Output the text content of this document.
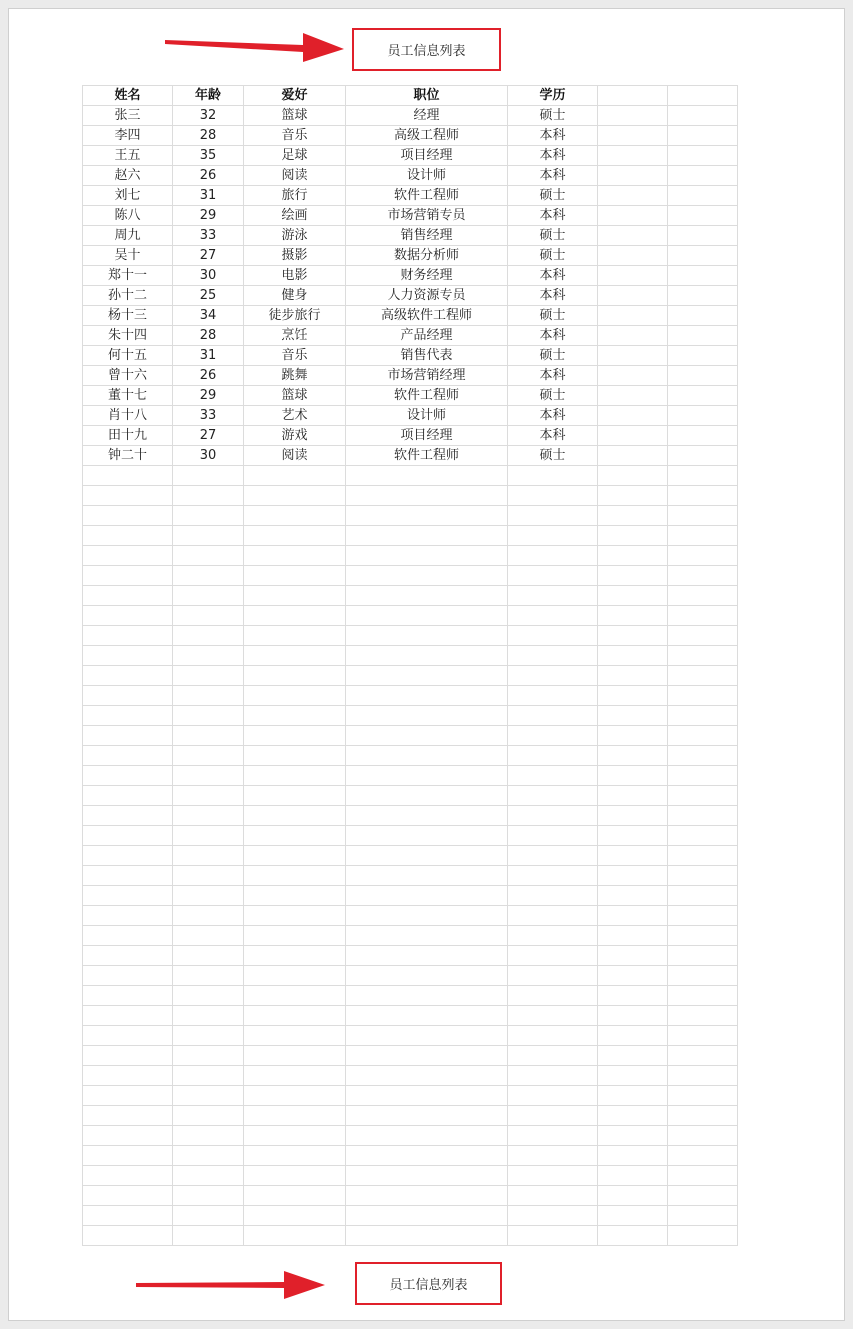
员工信息列表
姓名	年龄	爱好	职位	学历		
张三	32	篮球	经理	硕士		
李四	28	音乐	高级工程师	本科		
王五	35	足球	项目经理	本科		
赵六	26	阅读	设计师	本科		
刘七	31	旅行	软件工程师	硕士		
陈八	29	绘画	市场营销专员	本科		
周九	33	游泳	销售经理	硕士		
吴十	27	摄影	数据分析师	硕士		
郑十一	30	电影	财务经理	本科		
孙十二	25	健身	人力资源专员	本科		
杨十三	34	徒步旅行	高级软件工程师	硕士		
朱十四	28	烹饪	产品经理	本科		
何十五	31	音乐	销售代表	硕士		
曾十六	26	跳舞	市场营销经理	本科		
董十七	29	篮球	软件工程师	硕士		
肖十八	33	艺术	设计师	本科		
田十九	27	游戏	项目经理	本科		
钟二十	30	阅读	软件工程师	硕士		

员工信息列表
